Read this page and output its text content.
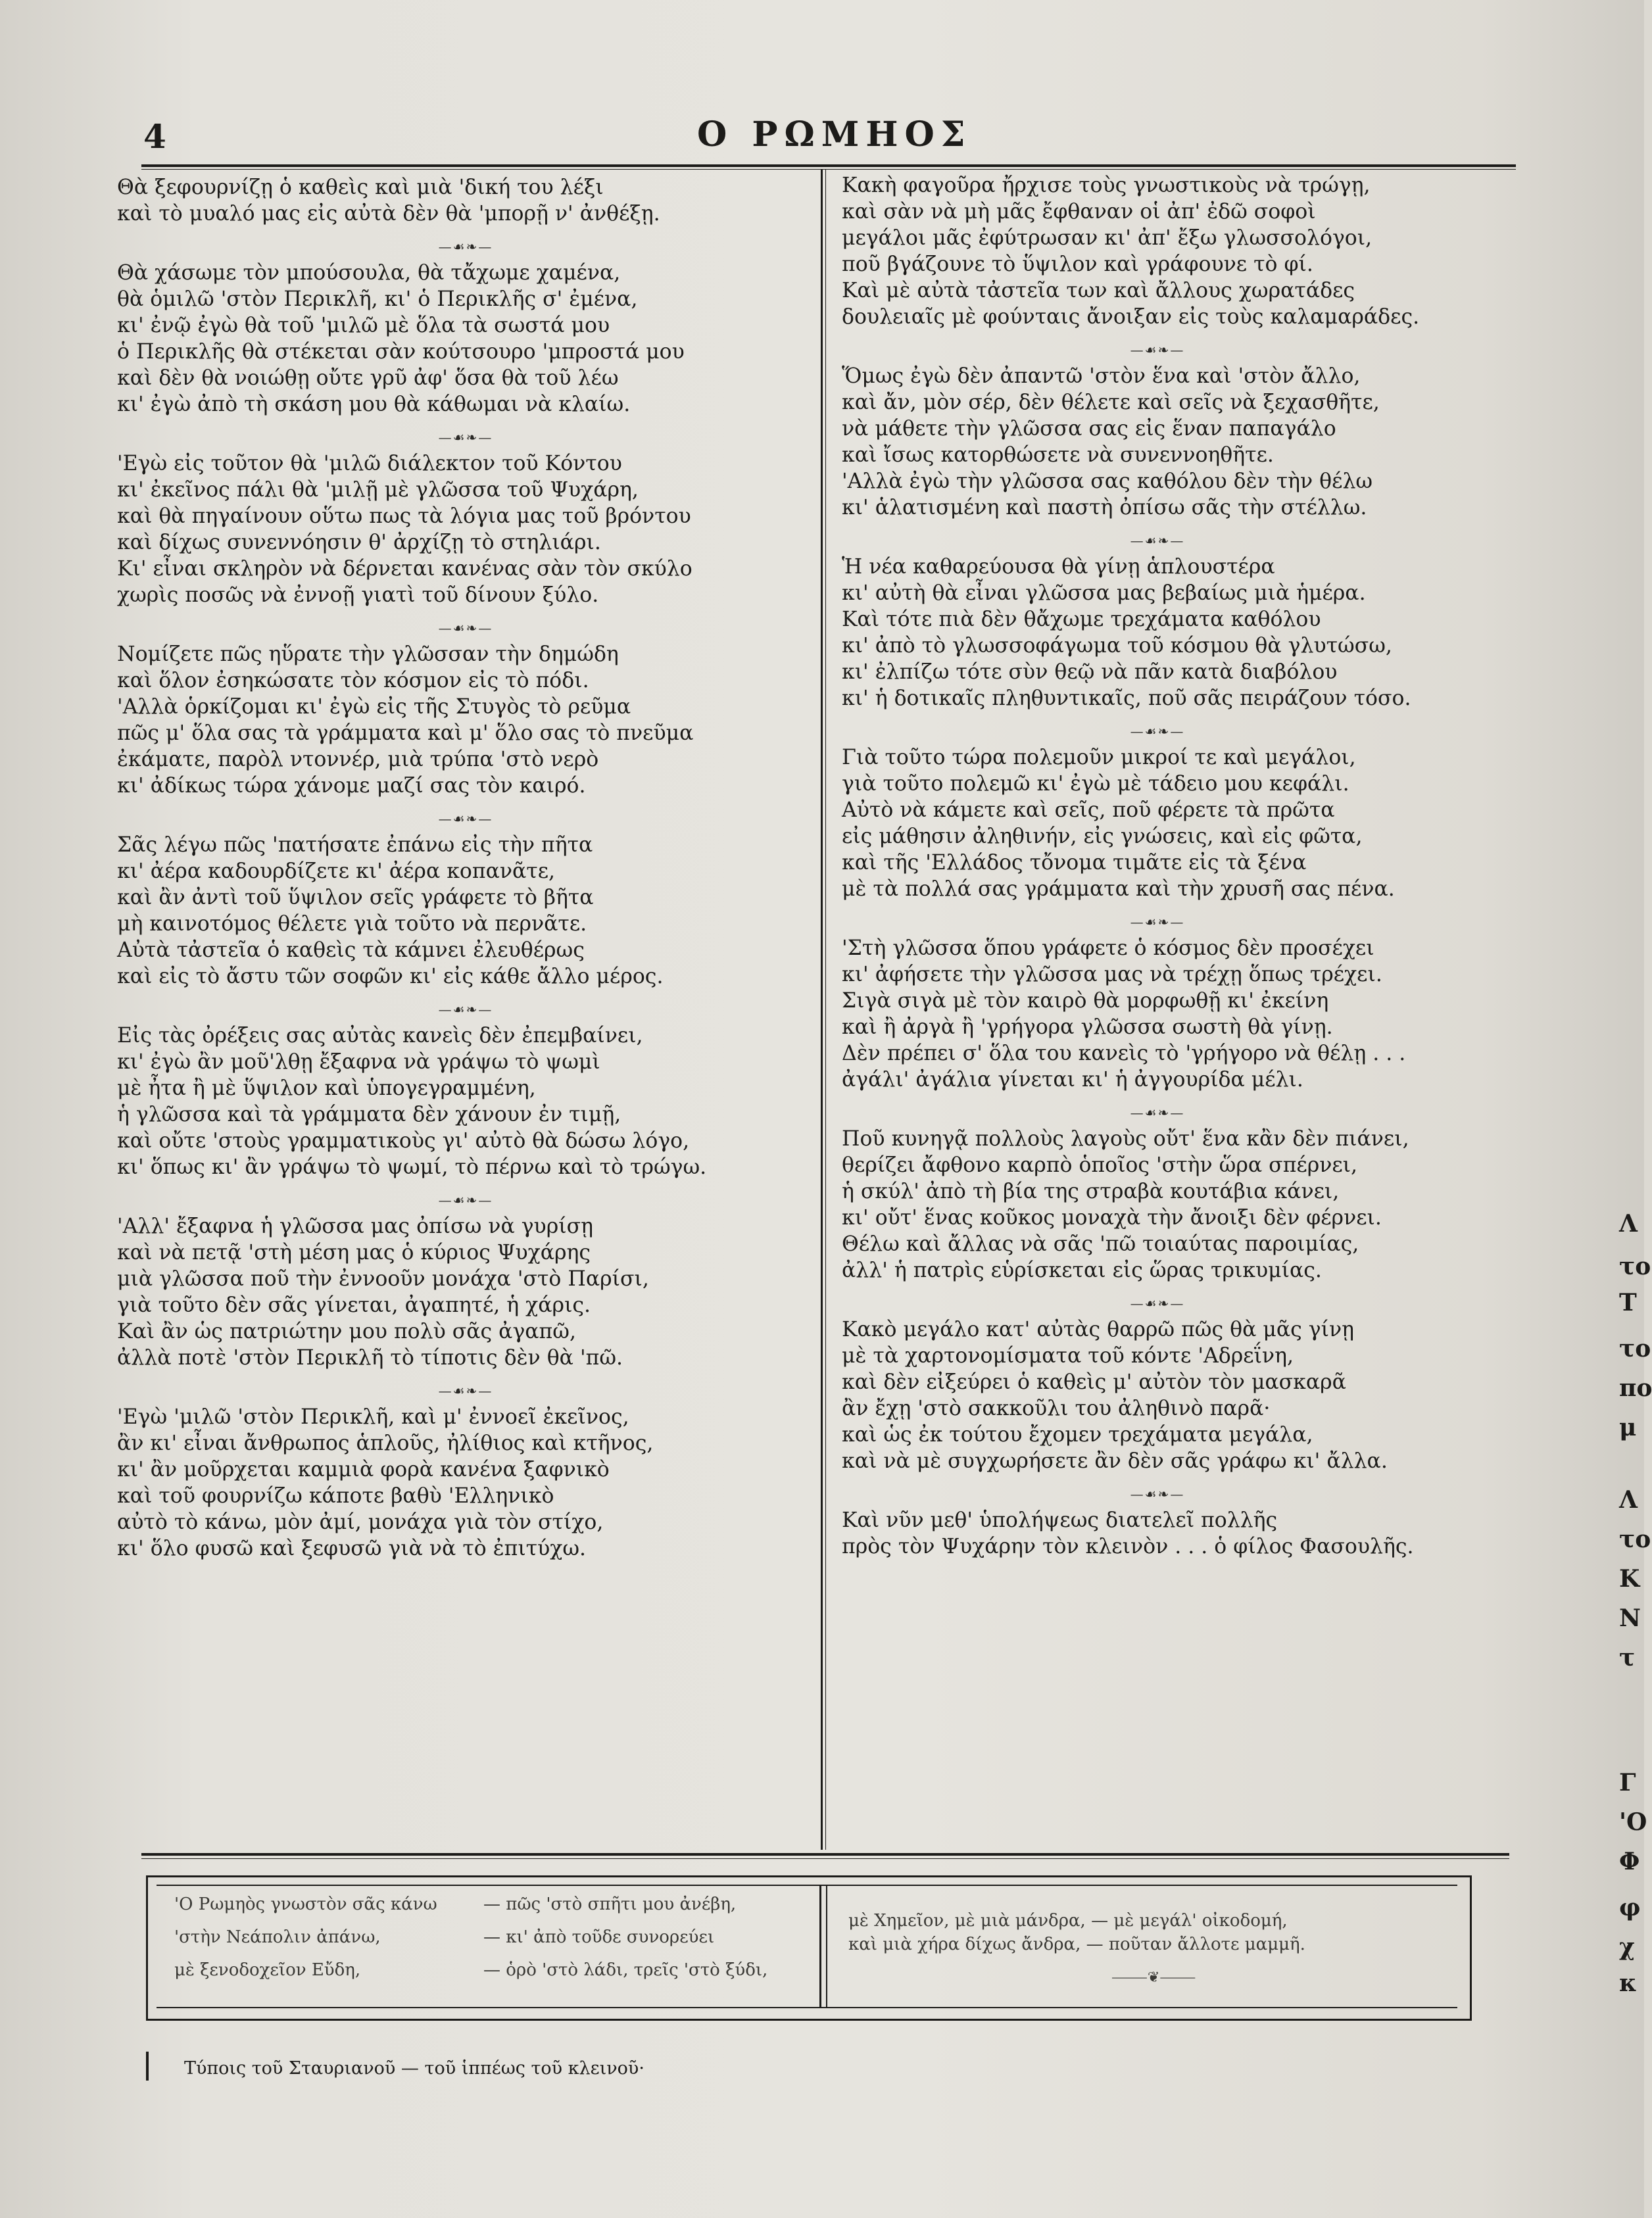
4	Ο ΡΩΜΗΟΣ
Θὰ ξεφουρνίζῃ ὁ καθεὶς καὶ μιὰ 'δική του λέξι
καὶ τὸ μυαλό μας εἰς αὐτὰ δὲν θὰ 'μπορῇ ν' ἀνθέξῃ.
—☙❧—
Θὰ χάσωμε τὸν μπούσουλα, θὰ τἄχωμε χαμένα,
θὰ ὁμιλῶ 'στὸν Περικλῆ, κι' ὁ Περικλῆς σ' ἐμένα,
κι' ἐνῷ ἐγὼ θὰ τοῦ 'μιλῶ μὲ ὅλα τὰ σωστά μου
ὁ Περικλῆς θὰ στέκεται σὰν κούτσουρο 'μπροστά μου
καὶ δὲν θὰ νοιώθῃ οὔτε γρῦ ἀφ' ὅσα θὰ τοῦ λέω
κι' ἐγὼ ἀπὸ τὴ σκάση μου θὰ κάθωμαι νὰ κλαίω.
—☙❧—
'Εγὼ εἰς τοῦτον θὰ 'μιλῶ διάλεκτον τοῦ Κόντου
κι' ἐκεῖνος πάλι θὰ 'μιλῇ μὲ γλῶσσα τοῦ Ψυχάρη,
καὶ θὰ πηγαίνουν οὕτω πως τὰ λόγια μας τοῦ βρόντου
καὶ δίχως συνεννόησιν θ' ἀρχίζῃ τὸ στηλιάρι.
Κι' εἶναι σκληρὸν νὰ δέρνεται κανένας σὰν τὸν σκύλο
χωρὶς ποσῶς νὰ ἐννοῇ γιατὶ τοῦ δίνουν ξύλο.
—☙❧—
Νομίζετε πῶς ηὕρατε τὴν γλῶσσαν τὴν δημώδη
καὶ ὅλον ἐσηκώσατε τὸν κόσμον εἰς τὸ πόδι.
'Αλλὰ ὁρκίζομαι κι' ἐγὼ εἰς τῆς Στυγὸς τὸ ρεῦμα
πῶς μ' ὅλα σας τὰ γράμματα καὶ μ' ὅλο σας τὸ πνεῦμα
ἐκάματε, παρὸλ ντοννέρ, μιὰ τρύπα 'στὸ νερὸ
κι' ἀδίκως τώρα χάνομε μαζί σας τὸν καιρό.
—☙❧—
Σᾶς λέγω πῶς 'πατήσατε ἐπάνω εἰς τὴν πῆτα
κι' ἀέρα καδουρδίζετε κι' ἀέρα κοπανᾶτε,
καὶ ἂν ἀντὶ τοῦ ὕψιλον σεῖς γράφετε τὸ βῆτα
μὴ καινοτόμος θέλετε γιὰ τοῦτο νὰ περνᾶτε.
Αὐτὰ τἀστεῖα ὁ καθεὶς τὰ κάμνει ἐλευθέρως
καὶ εἰς τὸ ἄστυ τῶν σοφῶν κι' εἰς κάθε ἄλλο μέρος.
—☙❧—
Εἰς τὰς ὀρέξεις σας αὐτὰς κανεὶς δὲν ἐπεμβαίνει,
κι' ἐγὼ ἂν μοῦ'λθῃ ἔξαφνα νὰ γράψω τὸ ψωμὶ
μὲ ἦτα ἢ μὲ ὕψιλον καὶ ὑπογεγραμμένη,
ἡ γλῶσσα καὶ τὰ γράμματα δὲν χάνουν ἐν τιμῇ,
καὶ οὔτε 'στοὺς γραμματικοὺς γι' αὐτὸ θὰ δώσω λόγο,
κι' ὅπως κι' ἂν γράψω τὸ ψωμί, τὸ πέρνω καὶ τὸ τρώγω.
—☙❧—
'Αλλ' ἔξαφνα ἡ γλῶσσα μας ὀπίσω νὰ γυρίσῃ
καὶ νὰ πετᾷ 'στὴ μέση μας ὁ κύριος Ψυχάρης
μιὰ γλῶσσα ποῦ τὴν ἐννοοῦν μονάχα 'στὸ Παρίσι,
γιὰ τοῦτο δὲν σᾶς γίνεται, ἀγαπητέ, ἡ χάρις.
Καὶ ἂν ὡς πατριώτην μου πολὺ σᾶς ἀγαπῶ,
ἀλλὰ ποτὲ 'στὸν Περικλῆ τὸ τίποτις δὲν θὰ 'πῶ.
—☙❧—
'Εγὼ 'μιλῶ 'στὸν Περικλῆ, καὶ μ' ἐννοεῖ ἐκεῖνος,
ἂν κι' εἶναι ἄνθρωπος ἁπλοῦς, ἠλίθιος καὶ κτῆνος,
κι' ἂν μοῦρχεται καμμιὰ φορὰ κανένα ξαφνικὸ
καὶ τοῦ φουρνίζω κάποτε βαθὺ 'Ελληνικὸ
αὐτὸ τὸ κάνω, μὸν ἀμί, μονάχα γιὰ τὸν στίχο,
κι' ὅλο φυσῶ καὶ ξεφυσῶ γιὰ νὰ τὸ ἐπιτύχω.
Κακὴ φαγοῦρα ἤρχισε τοὺς γνωστικοὺς νὰ τρώγῃ,
καὶ σὰν νὰ μὴ μᾶς ἔφθαναν οἱ ἀπ' ἐδῶ σοφοὶ
μεγάλοι μᾶς ἐφύτρωσαν κι' ἀπ' ἔξω γλωσσολόγοι,
ποῦ βγάζουνε τὸ ὕψιλον καὶ γράφουνε τὸ φί.
Καὶ μὲ αὐτὰ τἀστεῖα των καὶ ἄλλους χωρατάδες
δουλειαῖς μὲ φούνταις ἄνοιξαν εἰς τοὺς καλαμαράδες.
—☙❧—
Ὅμως ἐγὼ δὲν ἀπαντῶ 'στὸν ἕνα καὶ 'στὸν ἄλλο,
καὶ ἄν, μὸν σέρ, δὲν θέλετε καὶ σεῖς νὰ ξεχασθῆτε,
νὰ μάθετε τὴν γλῶσσα σας εἰς ἕναν παπαγάλο
καὶ ἴσως κατορθώσετε νὰ συνεννοηθῆτε.
'Αλλὰ ἐγὼ τὴν γλῶσσα σας καθόλου δὲν τὴν θέλω
κι' ἁλατισμένη καὶ παστὴ ὀπίσω σᾶς τὴν στέλλω.
—☙❧—
Ἡ νέα καθαρεύουσα θὰ γίνῃ ἁπλουστέρα
κι' αὐτὴ θὰ εἶναι γλῶσσα μας βεβαίως μιὰ ἡμέρα.
Καὶ τότε πιὰ δὲν θἄχωμε τρεχάματα καθόλου
κι' ἀπὸ τὸ γλωσσοφάγωμα τοῦ κόσμου θὰ γλυτώσω,
κι' ἐλπίζω τότε σὺν θεῷ νὰ πᾶν κατὰ διαβόλου
κι' ἡ δοτικαῖς πληθυντικαῖς, ποῦ σᾶς πειράζουν τόσο.
—☙❧—
Γιὰ τοῦτο τώρα πολεμοῦν μικροί τε καὶ μεγάλοι,
γιὰ τοῦτο πολεμῶ κι' ἐγὼ μὲ τάδειο μου κεφάλι.
Αὐτὸ νὰ κάμετε καὶ σεῖς, ποῦ φέρετε τὰ πρῶτα
εἰς μάθησιν ἀληθινήν, εἰς γνώσεις, καὶ εἰς φῶτα,
καὶ τῆς 'Ελλάδος τὄνομα τιμᾶτε εἰς τὰ ξένα
μὲ τὰ πολλά σας γράμματα καὶ τὴν χρυσῆ σας πένα.
—☙❧—
'Στὴ γλῶσσα ὅπου γράφετε ὁ κόσμος δὲν προσέχει
κι' ἀφήσετε τὴν γλῶσσα μας νὰ τρέχῃ ὅπως τρέχει.
Σιγὰ σιγὰ μὲ τὸν καιρὸ θὰ μορφωθῇ κι' ἐκείνη
καὶ ἢ ἀργὰ ἢ 'γρήγορα γλῶσσα σωστὴ θὰ γίνῃ.
Δὲν πρέπει σ' ὅλα του κανεὶς τὸ 'γρήγορο νὰ θέλῃ . . .
ἀγάλι' ἀγάλια γίνεται κι' ἡ ἀγγουρίδα μέλι.
—☙❧—
Ποῦ κυνηγᾷ πολλοὺς λαγοὺς οὔτ' ἕνα κἂν δὲν πιάνει,
θερίζει ἄφθονο καρπὸ ὁποῖος 'στὴν ὥρα σπέρνει,
ἡ σκύλ' ἀπὸ τὴ βία της στραβὰ κουτάβια κάνει,
κι' οὔτ' ἕνας κοῦκος μοναχὰ τὴν ἄνοιξι δὲν φέρνει.
Θέλω καὶ ἄλλας νὰ σᾶς 'πῶ τοιαύτας παροιμίας,
ἀλλ' ἡ πατρὶς εὑρίσκεται εἰς ὥρας τρικυμίας.
—☙❧—
Κακὸ μεγάλο κατ' αὐτὰς θαρρῶ πῶς θὰ μᾶς γίνῃ
μὲ τὰ χαρτονομίσματα τοῦ κόντε 'Αδρεΐνη,
καὶ δὲν εἰξεύρει ὁ καθεὶς μ' αὐτὸν τὸν μασκαρᾶ
ἂν ἔχῃ 'στὸ σακκοῦλι του ἀληθινὸ παρᾶ·
καὶ ὡς ἐκ τούτου ἔχομεν τρεχάματα μεγάλα,
καὶ νὰ μὲ συγχωρήσετε ἂν δὲν σᾶς γράφω κι' ἄλλα.
—☙❧—
Καὶ νῦν μεθ' ὑπολήψεως διατελεῖ πολλῆς
πρὸς τὸν Ψυχάρην τὸν κλεινὸν . . . ὁ φίλος Φασουλῆς.
'Ο Ρωμηὸς γνωστὸν σᾶς κάνω	— πῶς 'στὸ σπῆτι μου ἀνέβη,
'στὴν Νεάπολιν ἀπάνω,	— κι' ἀπὸ τοῦδε συνορεύει
μὲ ξενοδοχεῖον Εὔδη,	— ὁρὸ 'στὸ λάδι, τρεῖς 'στὸ ξύδι,
μὲ Χημεῖον, μὲ μιὰ μάνδρα, — μὲ μεγάλ' οἰκοδομή,
καὶ μιὰ χήρα δίχως ἄνδρα, — ποῦταν ἄλλοτε μαμμῆ.
⸻❦⸻
Τύποις τοῦ Σταυριανοῦ — τοῦ ἱππέως τοῦ κλεινοῦ·
Λ
το
Τ
το
πο
μ
Λ
το
Κ
Ν
τ
Γ
'Ο
Φ
φ
χ
κ
